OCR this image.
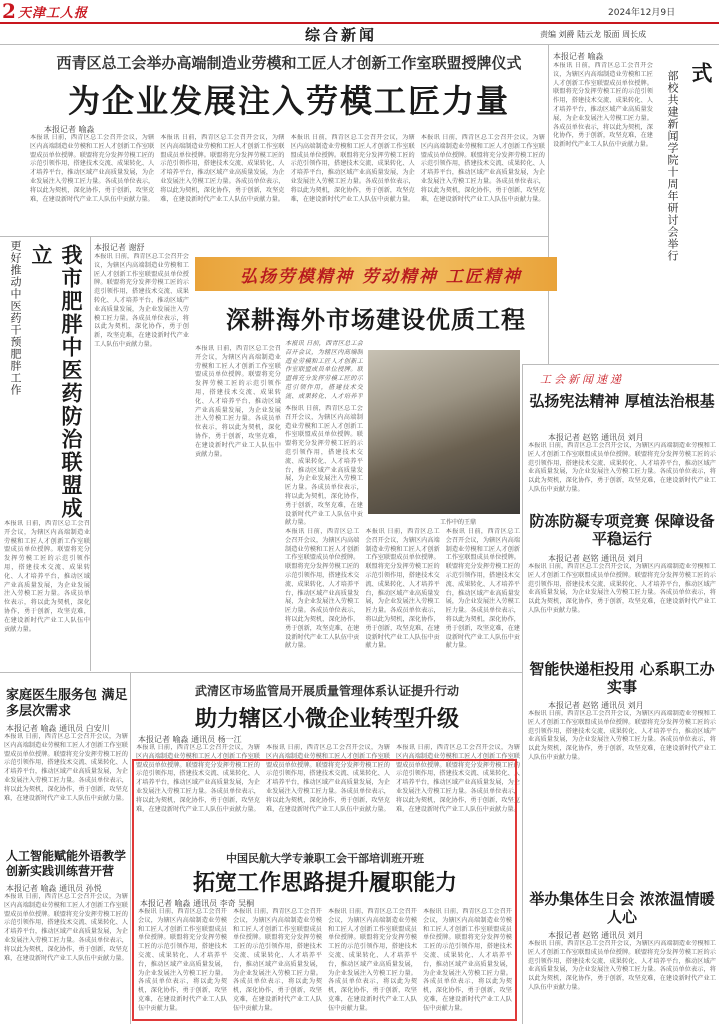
2 天津工人报	2024年12月9日
综合新闻	责编 刘爵 陆云龙 版面 周长成
西青区总工会举办高端制造业劳模和工匠人才创新工作室联盟授牌仪式
为企业发展注入劳模工匠力量
本报记者 喻淼
本报讯 日前，西青区总工会召开会议，为辖区内高端制造业劳模和工匠人才创新工作室联盟成员单位授牌。联盟将充分发挥劳模工匠的示范引领作用，搭建技术交流、成果转化、人才培养平台，推动区域产业高质量发展，为企业发展注入劳模工匠力量。各成员单位表示，将以此为契机，深化协作，勇于创新，攻坚克难，在建设新时代产业工人队伍中贡献力量。
本报讯 日前，西青区总工会召开会议，为辖区内高端制造业劳模和工匠人才创新工作室联盟成员单位授牌。联盟将充分发挥劳模工匠的示范引领作用，搭建技术交流、成果转化、人才培养平台，推动区域产业高质量发展，为企业发展注入劳模工匠力量。各成员单位表示，将以此为契机，深化协作，勇于创新，攻坚克难，在建设新时代产业工人队伍中贡献力量。
本报讯 日前，西青区总工会召开会议，为辖区内高端制造业劳模和工匠人才创新工作室联盟成员单位授牌。联盟将充分发挥劳模工匠的示范引领作用，搭建技术交流、成果转化、人才培养平台，推动区域产业高质量发展，为企业发展注入劳模工匠力量。各成员单位表示，将以此为契机，深化协作，勇于创新，攻坚克难，在建设新时代产业工人队伍中贡献力量。
本报讯 日前，西青区总工会召开会议，为辖区内高端制造业劳模和工匠人才创新工作室联盟成员单位授牌。联盟将充分发挥劳模工匠的示范引领作用，搭建技术交流、成果转化、人才培养平台，推动区域产业高质量发展，为企业发展注入劳模工匠力量。各成员单位表示，将以此为契机，深化协作，勇于创新，攻坚克难，在建设新时代产业工人队伍中贡献力量。
本报记者 喻淼
本报讯 日前，西青区总工会召开会议，为辖区内高端制造业劳模和工匠人才创新工作室联盟成员单位授牌。联盟将充分发挥劳模工匠的示范引领作用，搭建技术交流、成果转化、人才培养平台，推动区域产业高质量发展，为企业发展注入劳模工匠力量。各成员单位表示，将以此为契机，深化协作，勇于创新，攻坚克难，在建设新时代产业工人队伍中贡献力量。
式
部校共建新闻学院十周年研讨会举行
我市肥胖中医药防治联盟成立
更好推动中医药干预肥胖工作	本报记者 谢舒
本报讯 日前，西青区总工会召开会议，为辖区内高端制造业劳模和工匠人才创新工作室联盟成员单位授牌。联盟将充分发挥劳模工匠的示范引领作用，搭建技术交流、成果转化、人才培养平台，推动区域产业高质量发展，为企业发展注入劳模工匠力量。各成员单位表示，将以此为契机，深化协作，勇于创新，攻坚克难，在建设新时代产业工人队伍中贡献力量。
本报讯 日前，西青区总工会召开会议，为辖区内高端制造业劳模和工匠人才创新工作室联盟成员单位授牌。联盟将充分发挥劳模工匠的示范引领作用，搭建技术交流、成果转化、人才培养平台，推动区域产业高质量发展，为企业发展注入劳模工匠力量。各成员单位表示，将以此为契机，深化协作，勇于创新，攻坚克难，在建设新时代产业工人队伍中贡献力量。
弘扬劳模精神 劳动精神 工匠精神
深耕海外市场建设优质工程
本报讯 日前，西青区总工会召开会议，为辖区内高端制造业劳模和工匠人才创新工作室联盟成员单位授牌。联盟将充分发挥劳模工匠的示范引领作用，搭建技术交流、成果转化、人才培养平
本报讯 日前，西青区总工会召开会议，为辖区内高端制造业劳模和工匠人才创新工作室联盟成员单位授牌。联盟将充分发挥劳模工匠的示范引领作用，搭建技术交流、成果转化、人才培养平台，推动区域产业高质量发展，为企业发展注入劳模工匠力量。各成员单位表示，将以此为契机，深化协作，勇于创新，攻坚克难，在建设新时代产业工人队伍中贡献力量。
本报讯 日前，西青区总工会召开会议，为辖区内高端制造业劳模和工匠人才创新工作室联盟成员单位授牌。联盟将充分发挥劳模工匠的示范引领作用，搭建技术交流、成果转化、人才培养平台，推动区域产业高质量发展，为企业发展注入劳模工匠力量。各成员单位表示，将以此为契机，深化协作，勇于创新，攻坚克难，在建设新时代产业工人队伍中贡献力量。	工作中的王鼎
本报讯 日前，西青区总工会召开会议，为辖区内高端制造业劳模和工匠人才创新工作室联盟成员单位授牌。联盟将充分发挥劳模工匠的示范引领作用，搭建技术交流、成果转化、人才培养平台，推动区域产业高质量发展，为企业发展注入劳模工匠力量。各成员单位表示，将以此为契机，深化协作，勇于创新，攻坚克难，在建设新时代产业工人队伍中贡献力量。
本报讯 日前，西青区总工会召开会议，为辖区内高端制造业劳模和工匠人才创新工作室联盟成员单位授牌。联盟将充分发挥劳模工匠的示范引领作用，搭建技术交流、成果转化、人才培养平台，推动区域产业高质量发展，为企业发展注入劳模工匠力量。各成员单位表示，将以此为契机，深化协作，勇于创新，攻坚克难，在建设新时代产业工人队伍中贡献力量。
本报讯 日前，西青区总工会召开会议，为辖区内高端制造业劳模和工匠人才创新工作室联盟成员单位授牌。联盟将充分发挥劳模工匠的示范引领作用，搭建技术交流、成果转化、人才培养平台，推动区域产业高质量发展，为企业发展注入劳模工匠力量。各成员单位表示，将以此为契机，深化协作，勇于创新，攻坚克难，在建设新时代产业工人队伍中贡献力量。
工会新闻速递
弘扬宪法精神 厚植法治根基
本报记者 赵铭 通讯员 刘月
本报讯 日前，西青区总工会召开会议，为辖区内高端制造业劳模和工匠人才创新工作室联盟成员单位授牌。联盟将充分发挥劳模工匠的示范引领作用，搭建技术交流、成果转化、人才培养平台，推动区域产业高质量发展，为企业发展注入劳模工匠力量。各成员单位表示，将以此为契机，深化协作，勇于创新，攻坚克难，在建设新时代产业工人队伍中贡献力量。
防冻防凝专项竞赛 保障设备平稳运行
本报记者 赵铭 通讯员 刘月
本报讯 日前，西青区总工会召开会议，为辖区内高端制造业劳模和工匠人才创新工作室联盟成员单位授牌。联盟将充分发挥劳模工匠的示范引领作用，搭建技术交流、成果转化、人才培养平台，推动区域产业高质量发展，为企业发展注入劳模工匠力量。各成员单位表示，将以此为契机，深化协作，勇于创新，攻坚克难，在建设新时代产业工人队伍中贡献力量。
智能快递柜投用 心系职工办实事
本报记者 赵铭 通讯员 刘月
本报讯 日前，西青区总工会召开会议，为辖区内高端制造业劳模和工匠人才创新工作室联盟成员单位授牌。联盟将充分发挥劳模工匠的示范引领作用，搭建技术交流、成果转化、人才培养平台，推动区域产业高质量发展，为企业发展注入劳模工匠力量。各成员单位表示，将以此为契机，深化协作，勇于创新，攻坚克难，在建设新时代产业工人队伍中贡献力量。
举办集体生日会 浓浓温情暖人心
本报记者 赵铭 通讯员 刘月
本报讯 日前，西青区总工会召开会议，为辖区内高端制造业劳模和工匠人才创新工作室联盟成员单位授牌。联盟将充分发挥劳模工匠的示范引领作用，搭建技术交流、成果转化、人才培养平台，推动区域产业高质量发展，为企业发展注入劳模工匠力量。各成员单位表示，将以此为契机，深化协作，勇于创新，攻坚克难，在建设新时代产业工人队伍中贡献力量。
家庭医生服务包 满足多层次需求
本报记者 喻淼 通讯员 白安川
本报讯 日前，西青区总工会召开会议，为辖区内高端制造业劳模和工匠人才创新工作室联盟成员单位授牌。联盟将充分发挥劳模工匠的示范引领作用，搭建技术交流、成果转化、人才培养平台，推动区域产业高质量发展，为企业发展注入劳模工匠力量。各成员单位表示，将以此为契机，深化协作，勇于创新，攻坚克难，在建设新时代产业工人队伍中贡献力量。
人工智能赋能外语教学 创新实践训练营开营
本报记者 喻淼 通讯员 孙悦
本报讯 日前，西青区总工会召开会议，为辖区内高端制造业劳模和工匠人才创新工作室联盟成员单位授牌。联盟将充分发挥劳模工匠的示范引领作用，搭建技术交流、成果转化、人才培养平台，推动区域产业高质量发展，为企业发展注入劳模工匠力量。各成员单位表示，将以此为契机，深化协作，勇于创新，攻坚克难，在建设新时代产业工人队伍中贡献力量。
武清区市场监管局开展质量管理体系认证提升行动
助力辖区小微企业转型升级
本报记者 喻淼 通讯员 杨一江
本报讯 日前，西青区总工会召开会议，为辖区内高端制造业劳模和工匠人才创新工作室联盟成员单位授牌。联盟将充分发挥劳模工匠的示范引领作用，搭建技术交流、成果转化、人才培养平台，推动区域产业高质量发展，为企业发展注入劳模工匠力量。各成员单位表示，将以此为契机，深化协作，勇于创新，攻坚克难，在建设新时代产业工人队伍中贡献力量。
本报讯 日前，西青区总工会召开会议，为辖区内高端制造业劳模和工匠人才创新工作室联盟成员单位授牌。联盟将充分发挥劳模工匠的示范引领作用，搭建技术交流、成果转化、人才培养平台，推动区域产业高质量发展，为企业发展注入劳模工匠力量。各成员单位表示，将以此为契机，深化协作，勇于创新，攻坚克难，在建设新时代产业工人队伍中贡献力量。
本报讯 日前，西青区总工会召开会议，为辖区内高端制造业劳模和工匠人才创新工作室联盟成员单位授牌。联盟将充分发挥劳模工匠的示范引领作用，搭建技术交流、成果转化、人才培养平台，推动区域产业高质量发展，为企业发展注入劳模工匠力量。各成员单位表示，将以此为契机，深化协作，勇于创新，攻坚克难，在建设新时代产业工人队伍中贡献力量。
中国民航大学专兼职工会干部培训班开班
拓宽工作思路提升履职能力
本报记者 喻淼 通讯员 李奇 吴桐
本报讯 日前，西青区总工会召开会议，为辖区内高端制造业劳模和工匠人才创新工作室联盟成员单位授牌。联盟将充分发挥劳模工匠的示范引领作用，搭建技术交流、成果转化、人才培养平台，推动区域产业高质量发展，为企业发展注入劳模工匠力量。各成员单位表示，将以此为契机，深化协作，勇于创新，攻坚克难，在建设新时代产业工人队伍中贡献力量。
本报讯 日前，西青区总工会召开会议，为辖区内高端制造业劳模和工匠人才创新工作室联盟成员单位授牌。联盟将充分发挥劳模工匠的示范引领作用，搭建技术交流、成果转化、人才培养平台，推动区域产业高质量发展，为企业发展注入劳模工匠力量。各成员单位表示，将以此为契机，深化协作，勇于创新，攻坚克难，在建设新时代产业工人队伍中贡献力量。
本报讯 日前，西青区总工会召开会议，为辖区内高端制造业劳模和工匠人才创新工作室联盟成员单位授牌。联盟将充分发挥劳模工匠的示范引领作用，搭建技术交流、成果转化、人才培养平台，推动区域产业高质量发展，为企业发展注入劳模工匠力量。各成员单位表示，将以此为契机，深化协作，勇于创新，攻坚克难，在建设新时代产业工人队伍中贡献力量。
本报讯 日前，西青区总工会召开会议，为辖区内高端制造业劳模和工匠人才创新工作室联盟成员单位授牌。联盟将充分发挥劳模工匠的示范引领作用，搭建技术交流、成果转化、人才培养平台，推动区域产业高质量发展，为企业发展注入劳模工匠力量。各成员单位表示，将以此为契机，深化协作，勇于创新，攻坚克难，在建设新时代产业工人队伍中贡献力量。
